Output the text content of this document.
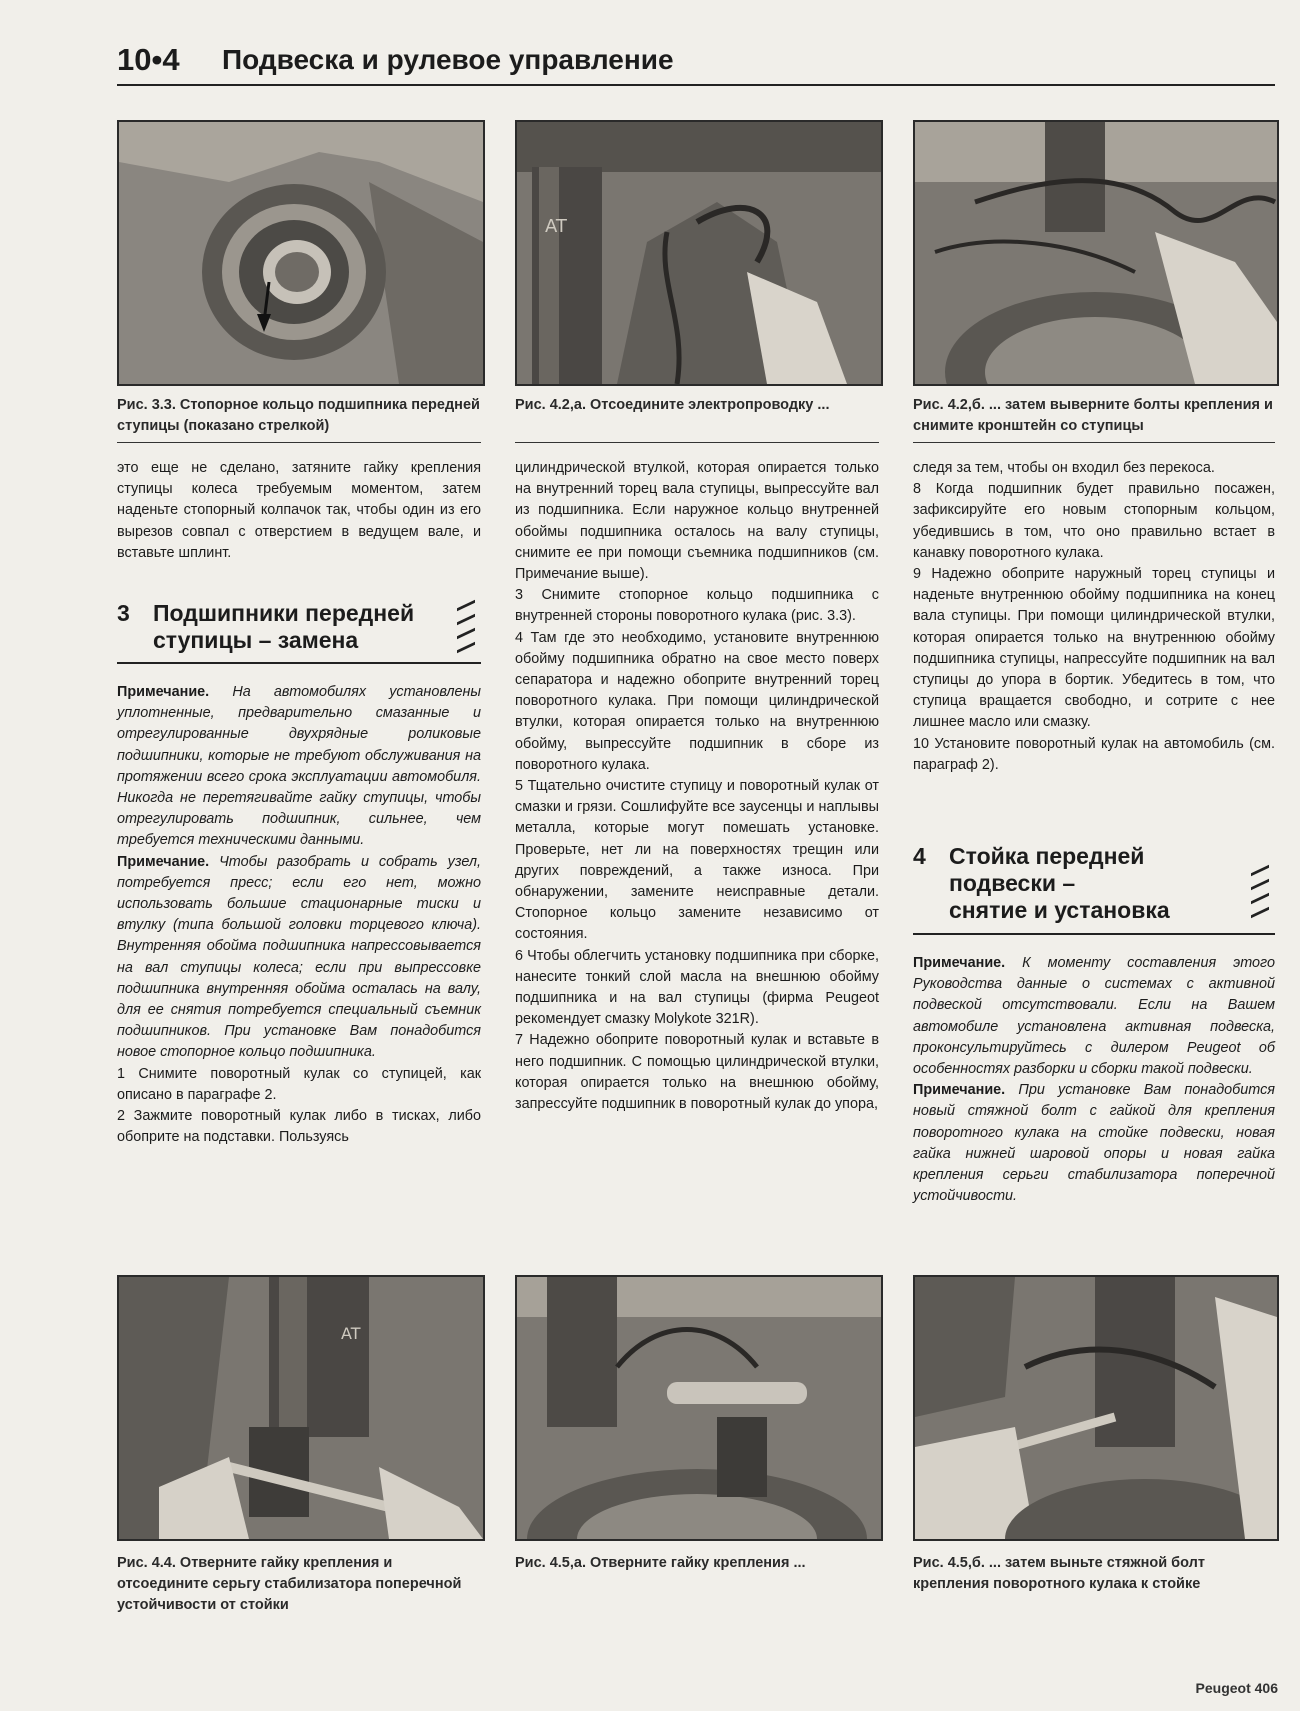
10•4 Подвеска и рулевое управление
AT
Рис. 3.3. Стопорное кольцо подшипника передней ступицы (показано стрелкой)
Рис. 4.2,а. Отсоедините электропроводку ...	Рис. 4.2,б. ... затем выверните болты крепления и снимите кронштейн со ступицы

это еще не сделано, затяните гайку крепления ступицы колеса требуемым моментом, затем наденьте стопорный колпачок так, чтобы один из его вырезов совпал с отверстием в ведущем вале, и вставьте шплинт.

3 Подшипники передней
ступицы – замена

Примечание. На автомобилях установлены уплотненные, предварительно смазанные и отрегулированные двухрядные роликовые подшипники, которые не требуют обслуживания на протяжении всего срока эксплуатации автомобиля. Никогда не перетягивайте гайку ступицы, чтобы отрегулировать подшипник, сильнее, чем требуется техническими данными.

Примечание. Чтобы разобрать и собрать узел, потребуется пресс; если его нет, можно использовать большие стационарные тиски и втулку (типа большой головки торцевого ключа). Внутренняя обойма подшипника напрессовывается на вал ступицы колеса; если при выпрессовке подшипника внутренняя обойма осталась на валу, для ее снятия потребуется специальный съемник подшипников. При установке Вам понадобится новое стопорное кольцо подшипника.

1 Снимите поворотный кулак со ступицей, как описано в параграфе 2.

2 Зажмите поворотный кулак либо в тисках, либо обоприте на подставки. Пользуясь

цилиндрической втулкой, которая опирается только на внутренний торец вала ступицы, выпрессуйте вал из подшипника. Если наружное кольцо внутренней обоймы подшипника осталось на валу ступицы, снимите ее при помощи съемника подшипников (см. Примечание выше).

3 Снимите стопорное кольцо подшипника с внутренней стороны поворотного кулака (рис. 3.3).

4 Там где это необходимо, установите внутреннюю обойму подшипника обратно на свое место поверх сепаратора и надежно обоприте внутренний торец поворотного кулака. При помощи цилиндрической втулки, которая опирается только на внутреннюю обойму, выпрессуйте подшипник в сборе из поворотного кулака.

5 Тщательно очистите ступицу и поворотный кулак от смазки и грязи. Сошлифуйте все заусенцы и наплывы металла, которые могут помешать установке. Проверьте, нет ли на поверхностях трещин или других повреждений, а также износа. При обнаружении, замените неисправные детали. Стопорное кольцо замените независимо от состояния.

6 Чтобы облегчить установку подшипника при сборке, нанесите тонкий слой масла на внешнюю обойму подшипника и на вал ступицы (фирма Peugeot рекомендует смазку Molykote 321R).

7 Надежно обоприте поворотный кулак и вставьте в него подшипник. С помощью цилиндрической втулки, которая опирается только на внешнюю обойму, запрессуйте подшипник в поворотный кулак до упора,

следя за тем, чтобы он входил без перекоса.

8 Когда подшипник будет правильно посажен, зафиксируйте его новым стопорным кольцом, убедившись в том, что оно правильно встает в канавку поворотного кулака.

9 Надежно обоприте наружный торец ступицы и наденьте внутреннюю обойму подшипника на конец вала ступицы. При помощи цилиндрической втулки, которая опирается только на внутреннюю обойму подшипника ступицы, напрессуйте подшипник на вал ступицы до упора в бортик. Убедитесь в том, что ступица вращается свободно, и сотрите с нее лишнее масло или смазку.

10 Установите поворотный кулак на автомобиль (см. параграф 2).

4 Стойка передней
подвески –
снятие и установка

Примечание. К моменту составления этого Руководства данные о системах с активной подвеской отсутствовали. Если на Вашем автомобиле установлена активная подвеска, проконсультируйтесь с дилером Peugeot об особенностях разборки и сборки такой подвески.

Примечание. При установке Вам понадобится новый стяжной болт с гайкой для крепления поворотного кулака на стойке подвески, новая гайка нижней шаровой опоры и новая гайка крепления серьги стабилизатора поперечной устойчивости.

AT
Рис. 4.4. Отверните гайку крепления и отсоедините серьгу стабилизатора поперечной устойчивости от стойки
Рис. 4.5,а. Отверните гайку крепления ...	Рис. 4.5,б. ... затем выньте стяжной болт крепления поворотного кулака к стойке
Peugeot 406
